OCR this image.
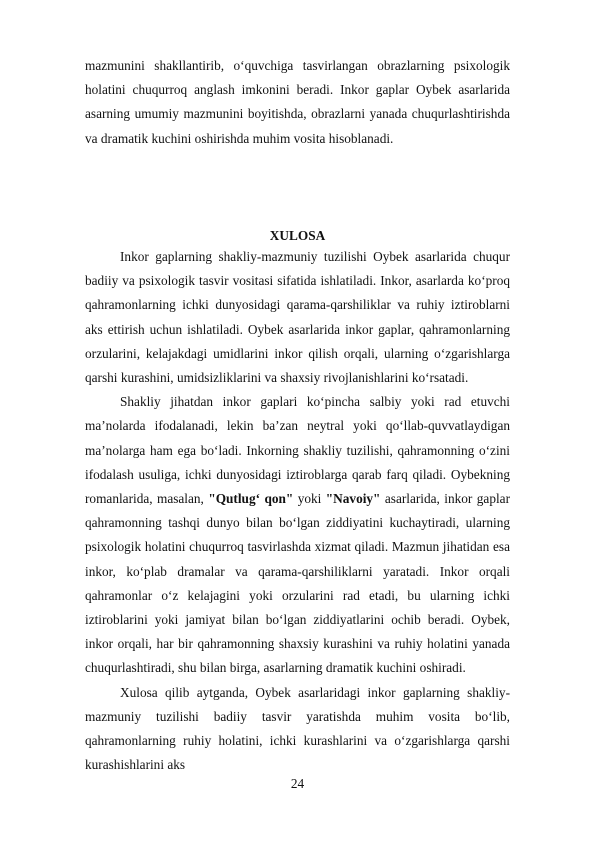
mazmunini shakllantirib, o‘quvchiga tasvirlangan obrazlarning psixologik holatini chuqurroq anglash imkonini beradi. Inkor gaplar Oybek asarlarida asarning umumiy mazmunini boyitishda, obrazlarni yanada chuqurlashtirishda va dramatik kuchini oshirishda muhim vosita hisoblanadi.

XULOSA

Inkor gaplarning shakliy-mazmuniy tuzilishi Oybek asarlarida chuqur badiiy va psixologik tasvir vositasi sifatida ishlatiladi. Inkor, asarlarda ko‘proq qahramonlarning ichki dunyosidagi qarama-qarshiliklar va ruhiy iztiroblarni aks ettirish uchun ishlatiladi. Oybek asarlarida inkor gaplar, qahramonlarning orzularini, kelajakdagi umidlarini inkor qilish orqali, ularning o‘zgarishlarga qarshi kurashini, umidsizliklarini va shaxsiy rivojlanishlarini ko‘rsatadi.

Shakliy jihatdan inkor gaplari ko‘pincha salbiy yoki rad etuvchi ma’nolarda ifodalanadi, lekin ba’zan neytral yoki qo‘llab-quvvatlaydigan ma’nolarga ham ega bo‘ladi. Inkorning shakliy tuzilishi, qahramonning o‘zini ifodalash usuliga, ichki dunyosidagi iztiroblarga qarab farq qiladi. Oybekning romanlarida, masalan, "Qutlug‘ qon" yoki "Navoiy" asarlarida, inkor gaplar qahramonning tashqi dunyo bilan bo‘lgan ziddiyatini kuchaytiradi, ularning psixologik holatini chuqurroq tasvirlashda xizmat qiladi. Mazmun jihatidan esa inkor, ko‘plab dramalar va qarama-qarshiliklarni yaratadi. Inkor orqali qahramonlar o‘z kelajagini yoki orzularini rad etadi, bu ularning ichki iztiroblarini yoki jamiyat bilan bo‘lgan ziddiyatlarini ochib beradi. Oybek, inkor orqali, har bir qahramonning shaxsiy kurashini va ruhiy holatini yanada chuqurlashtiradi, shu bilan birga, asarlarning dramatik kuchini oshiradi.

Xulosa qilib aytganda, Oybek asarlaridagi inkor gaplarning shakliy-mazmuniy tuzilishi badiiy tasvir yaratishda muhim vosita bo‘lib, qahramonlarning ruhiy holatini, ichki kurashlarini va o‘zgarishlarga qarshi kurashishlarini aks

24
